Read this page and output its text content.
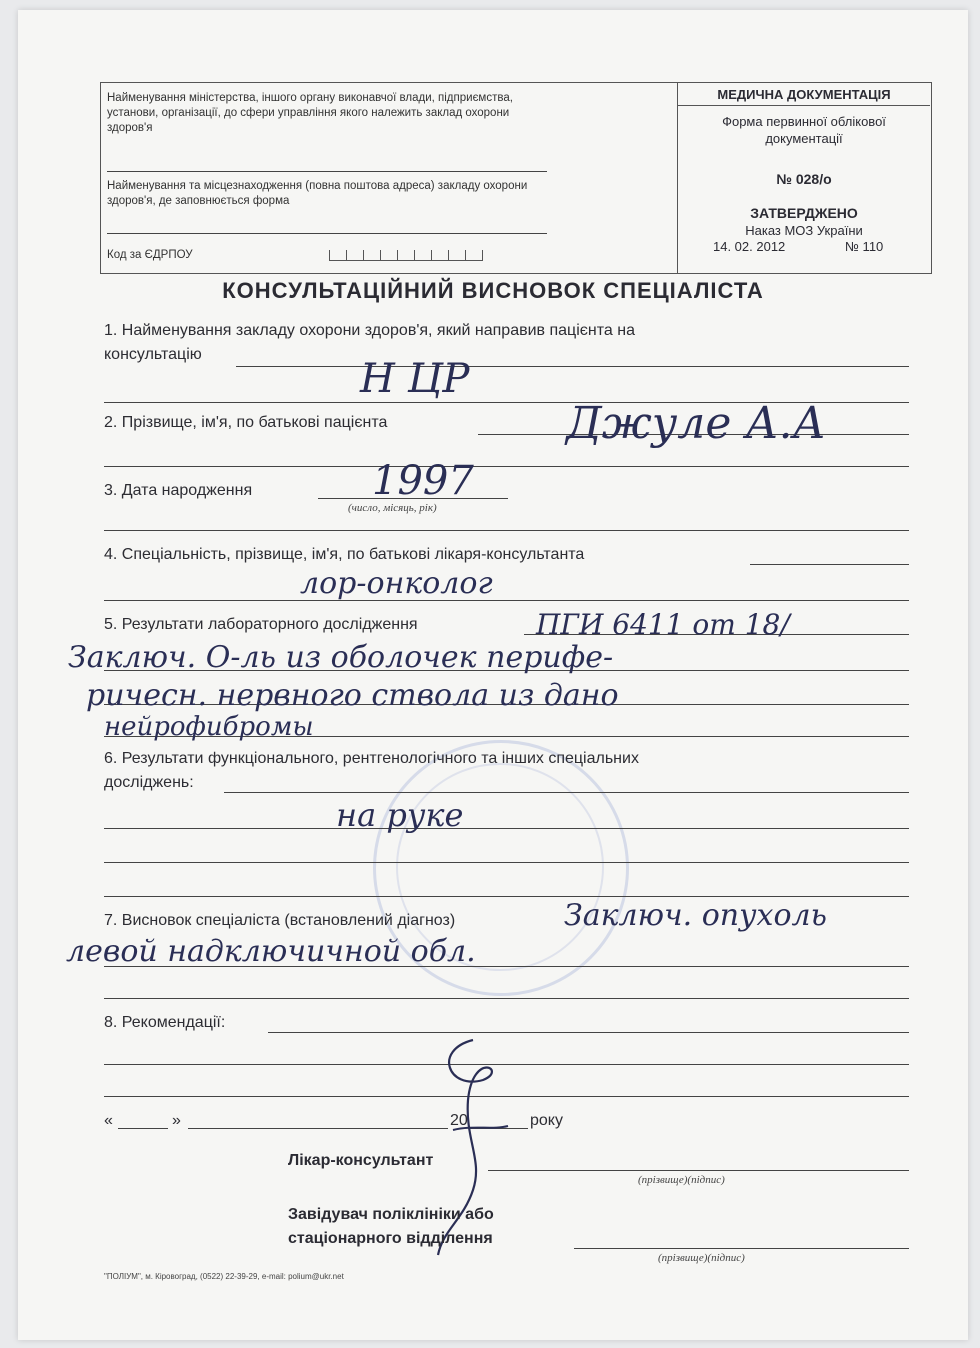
Найменування міністерства, іншого органу виконавчої влади, підприємства, установи, організації, до сфери управління якого належить заклад охорони здоров'я
Найменування та місцезнаходження (повна поштова адреса) закладу охорони здоров'я, де заповнюється форма
Код за ЄДРПОУ
МЕДИЧНА ДОКУМЕНТАЦІЯ
Форма первинної облікової документації
№ 028/о
ЗАТВЕРДЖЕНО
Наказ МОЗ України
14. 02. 2012	№ 110
КОНСУЛЬТАЦІЙНИЙ ВИСНОВОК СПЕЦІАЛІСТА
1. Найменування закладу охорони здоров'я, який направив пацієнта на
консультацію
Н ЦР
2. Прізвище, ім'я, по батькові пацієнта	Джуле А.А
3. Дата народження
(число, місяць, рік)
1997
4. Спеціальність, прізвище, ім'я, по батькові лікаря-консультанта
лор-онколог
5. Результати лабораторного дослідження	ПГИ 6411 от 18/
Заключ. О-ль из оболочек перифе-
ричесн. нервного ствола из дано
нейрофибромы
6. Результати функціонального, рентгенологічного та інших спеціальних
досліджень:
на руке
7. Висновок спеціаліста (встановлений діагноз)	Заключ. опухоль
левой надключичной обл.
8. Рекомендації:
«	»	20	року
Лікар-консультант
(прізвище)(підпис)
Завідувач поліклініки або
стаціонарного відділення
(прізвище)(підпис)
"ПОЛІУМ", м. Кіровоград, (0522) 22-39-29, e-mail: polium@ukr.net
